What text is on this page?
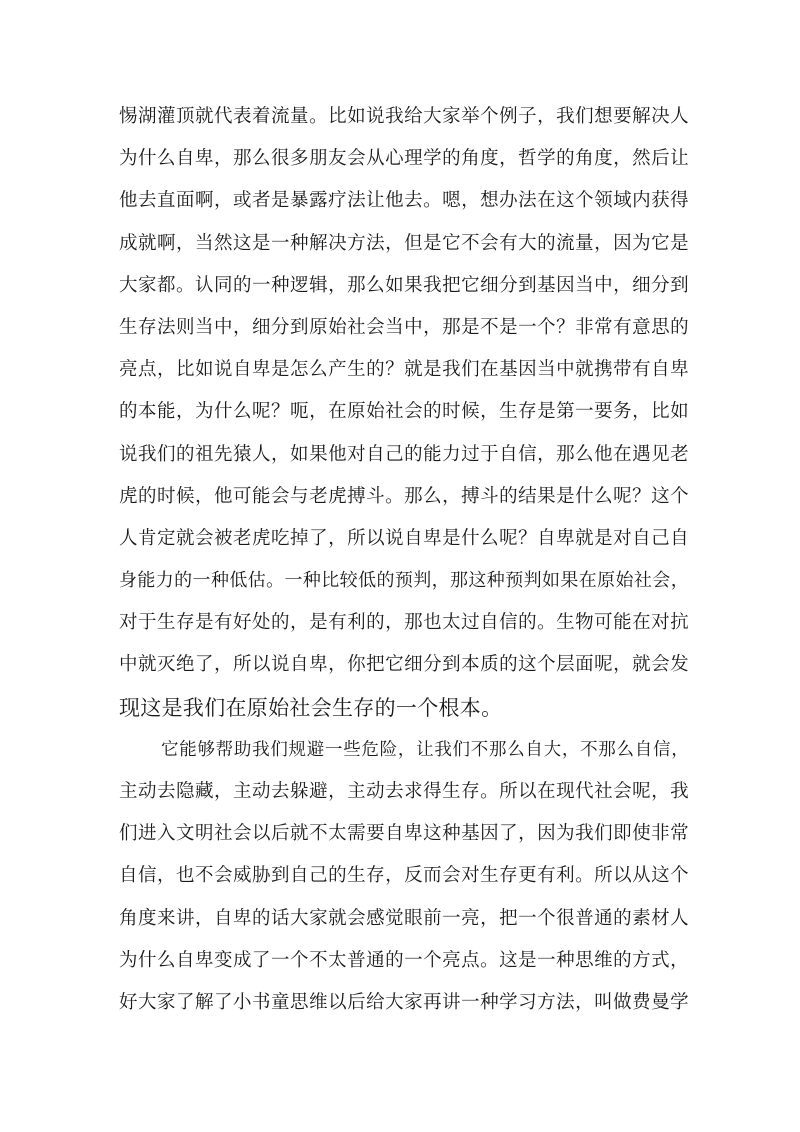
惕湖灌顶就代表着流量。比如说我给大家举个例子，我们想要解决人
为什么自卑，那么很多朋友会从心理学的角度，哲学的角度，然后让
他去直面啊，或者是暴露疗法让他去。嗯，想办法在这个领域内获得
成就啊，当然这是一种解决方法，但是它不会有大的流量，因为它是
大家都。认同的一种逻辑，那么如果我把它细分到基因当中，细分到
生存法则当中，细分到原始社会当中，那是不是一个？非常有意思的
亮点，比如说自卑是怎么产生的？就是我们在基因当中就携带有自卑
的本能，为什么呢？呃，在原始社会的时候，生存是第一要务，比如
说我们的祖先猿人，如果他对自己的能力过于自信，那么他在遇见老
虎的时候，他可能会与老虎搏斗。那么，搏斗的结果是什么呢？这个
人肯定就会被老虎吃掉了，所以说自卑是什么呢？自卑就是对自己自
身能力的一种低估。一种比较低的预判，那这种预判如果在原始社会，
对于生存是有好处的，是有利的，那也太过自信的。生物可能在对抗
中就灭绝了，所以说自卑，你把它细分到本质的这个层面呢，就会发
现这是我们在原始社会生存的一个根本。
它能够帮助我们规避一些危险，让我们不那么自大，不那么自信，
主动去隐藏，主动去躲避，主动去求得生存。所以在现代社会呢，我
们进入文明社会以后就不太需要自卑这种基因了，因为我们即使非常
自信，也不会威胁到自己的生存，反而会对生存更有利。所以从这个
角度来讲，自卑的话大家就会感觉眼前一亮，把一个很普通的素材人
为什么自卑变成了一个不太普通的一个亮点。这是一种思维的方式，
好大家了解了小书童思维以后给大家再讲一种学习方法，叫做费曼学
